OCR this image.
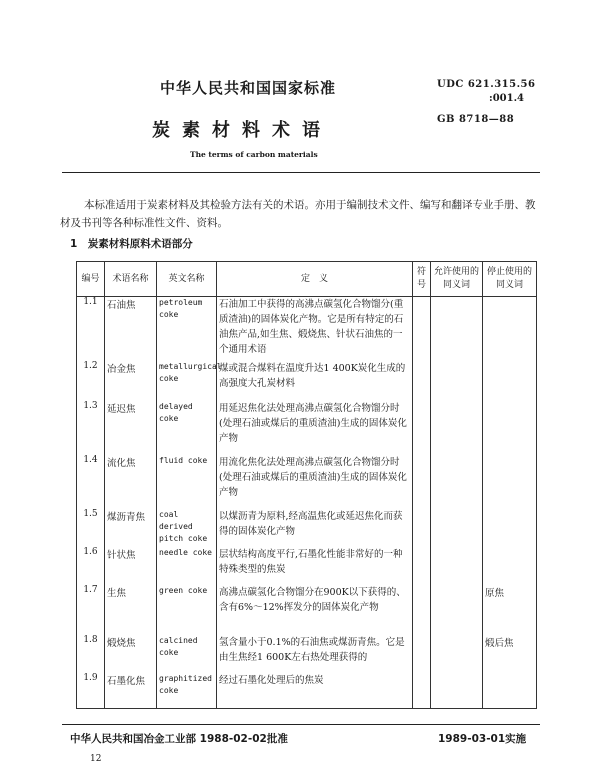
中华人民共和国国家标准	UDC 621.315.56
:001.4
炭素材料术语
GB 8718—88
The terms of carbon materials
本标准适用于炭素材料及其检验方法有关的术语。亦用于编制技术文件、编写和翻译专业手册、教材及书刊等各种标准性文件、资料。
1　炭素材料原料术语部分
编号	术语名称	英文名称	定　义	符号	允许使用的同义词	停止使用的同义词
1.1	石油焦	petroleum coke	石油加工中获得的高沸点碳氢化合物馏分(重质渣油)的固体炭化产物。它是所有特定的石油焦产品,如生焦、煅烧焦、针状石油焦的一个通用术语			
1.2	冶金焦	metallurgical coke	煤或混合煤料在温度升达1 400K炭化生成的高强度大孔炭材料			
1.3	延迟焦	delayed coke	用延迟焦化法处理高沸点碳氢化合物馏分时(处理石油或煤后的重质渣油)生成的固体炭化产物			
1.4	流化焦	fluid coke	用流化焦化法处理高沸点碳氢化合物馏分时(处理石油或煤后的重质渣油)生成的固体炭化产物			
1.5	煤沥青焦	coal derived pitch coke	以煤沥青为原料,经高温焦化或延迟焦化而获得的固体炭化产物			
1.6	针状焦	needle coke	层状结构高度平行,石墨化性能非常好的一种特殊类型的焦炭			
1.7	生焦	green coke	高沸点碳氢化合物馏分在900K以下获得的、含有6%～12%挥发分的固体炭化产物			原焦
1.8	煅烧焦	calcined coke	氢含量小于0.1%的石油焦或煤沥青焦。它是由生焦经1 600K左右热处理获得的			煅后焦
1.9	石墨化焦	graphitized coke	经过石墨化处理后的焦炭			
中华人民共和国冶金工业部 1988-02-02批准	1989-03-01实施
12
